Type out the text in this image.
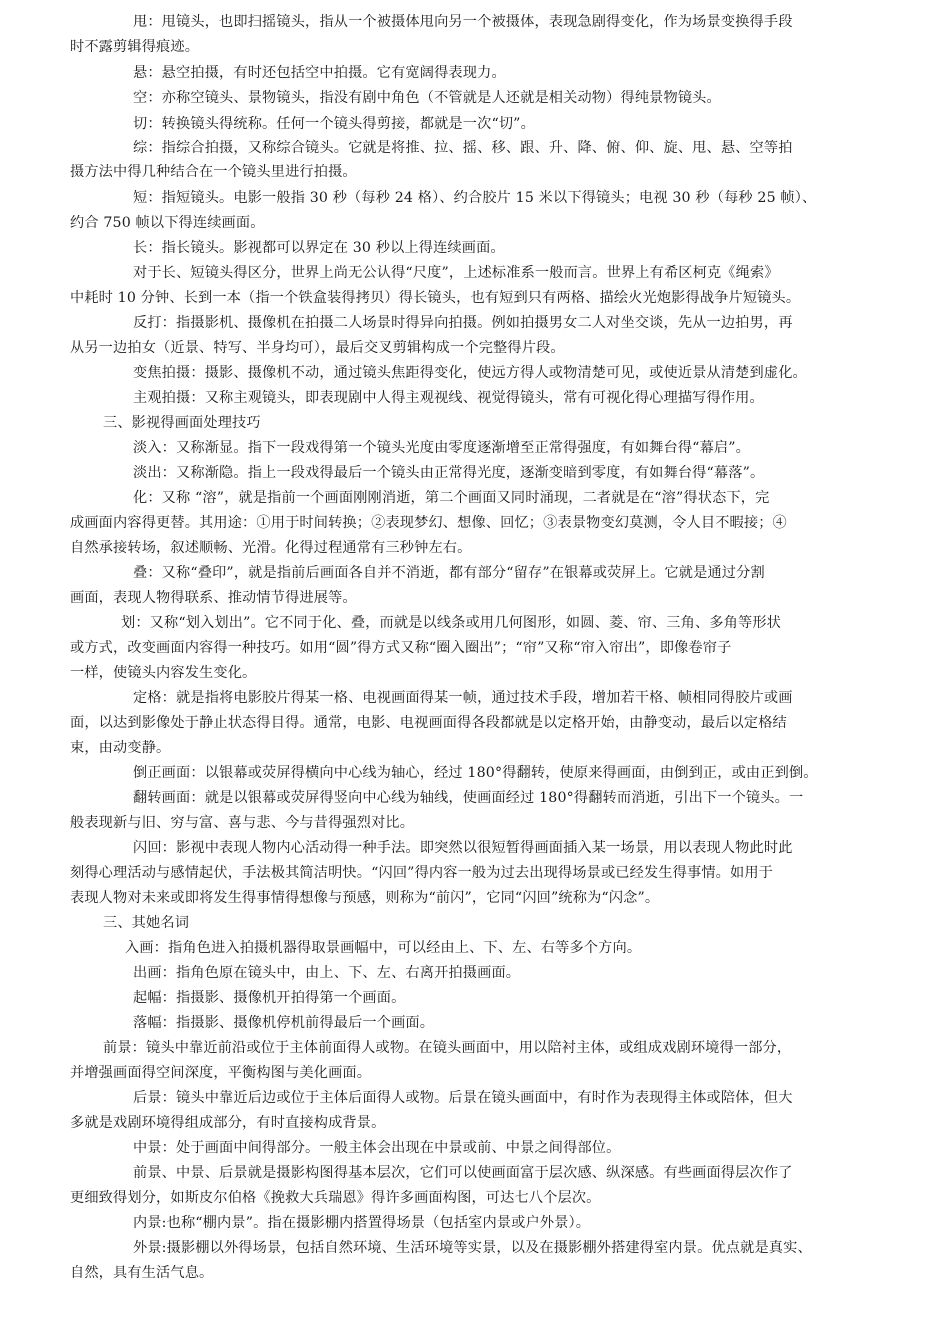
甩：甩镜头，也即扫摇镜头，指从一个被摄体甩向另一个被摄体，表现急剧得变化，作为场景变换得手段
时不露剪辑得痕迹。
悬：悬空拍摄，有时还包括空中拍摄。它有宽阔得表现力。
空：亦称空镜头、景物镜头，指没有剧中角色（不管就是人还就是相关动物）得纯景物镜头。
切：转换镜头得统称。任何一个镜头得剪接，都就是一次“切”。
综：指综合拍摄，又称综合镜头。它就是将推、拉、摇、移、跟、升、降、俯、仰、旋、甩、悬、空等拍
摄方法中得几种结合在一个镜头里进行拍摄。
短：指短镜头。电影一般指 30 秒（每秒 24 格）、约合胶片 15 米以下得镜头；电视 30 秒（每秒 25 帧）、
约合 750 帧以下得连续画面。
长：指长镜头。影视都可以界定在 30 秒以上得连续画面。
对于长、短镜头得区分，世界上尚无公认得“尺度”，上述标准系一般而言。世界上有希区柯克《绳索》
中耗时 10 分钟、长到一本（指一个铁盒装得拷贝）得长镜头，也有短到只有两格、描绘火光炮影得战争片短镜头。
反打：指摄影机、摄像机在拍摄二人场景时得异向拍摄。例如拍摄男女二人对坐交谈，先从一边拍男，再
从另一边拍女（近景、特写、半身均可），最后交叉剪辑构成一个完整得片段。
变焦拍摄：摄影、摄像机不动，通过镜头焦距得变化，使远方得人或物清楚可见，或使近景从清楚到虚化。
主观拍摄：又称主观镜头，即表现剧中人得主观视线、视觉得镜头，常有可视化得心理描写得作用。
三、影视得画面处理技巧
淡入：又称渐显。指下一段戏得第一个镜头光度由零度逐渐增至正常得强度，有如舞台得“幕启”。
淡出：又称渐隐。指上一段戏得最后一个镜头由正常得光度，逐渐变暗到零度，有如舞台得“幕落”。
化：又称 “溶”，就是指前一个画面刚刚消逝，第二个画面又同时涌现，二者就是在“溶”得状态下，完
成画面内容得更替。其用途：①用于时间转换；②表现梦幻、想像、回忆；③表景物变幻莫测，令人目不暇接；④
自然承接转场，叙述顺畅、光滑。化得过程通常有三秒钟左右。
叠：又称“叠印”，就是指前后画面各自并不消逝，都有部分“留存”在银幕或荧屏上。它就是通过分割
画面，表现人物得联系、推动情节得进展等。
划：又称“划入划出”。它不同于化、叠，而就是以线条或用几何图形，如圆、菱、帘、三角、多角等形状
或方式，改变画面内容得一种技巧。如用“圆”得方式又称“圈入圈出”；“帘”又称“帘入帘出”，即像卷帘子
一样，使镜头内容发生变化。
定格：就是指将电影胶片得某一格、电视画面得某一帧，通过技术手段，增加若干格、帧相同得胶片或画
面，以达到影像处于静止状态得目得。通常，电影、电视画面得各段都就是以定格开始，由静变动，最后以定格结
束，由动变静。
倒正画面：以银幕或荧屏得横向中心线为轴心，经过 180°得翻转，使原来得画面，由倒到正，或由正到倒。
翻转画面：就是以银幕或荧屏得竖向中心线为轴线，使画面经过 180°得翻转而消逝，引出下一个镜头。一
般表现新与旧、穷与富、喜与悲、今与昔得强烈对比。
闪回：影视中表现人物内心活动得一种手法。即突然以很短暂得画面插入某一场景，用以表现人物此时此
刻得心理活动与感情起伏，手法极其简洁明快。“闪回”得内容一般为过去出现得场景或已经发生得事情。如用于
表现人物对未来或即将发生得事情得想像与预感，则称为“前闪”，它同“闪回”统称为“闪念”。
三、其她名词
入画：指角色进入拍摄机器得取景画幅中，可以经由上、下、左、右等多个方向。
出画：指角色原在镜头中，由上、下、左、右离开拍摄画面。
起幅：指摄影、摄像机开拍得第一个画面。
落幅：指摄影、摄像机停机前得最后一个画面。
前景：镜头中靠近前沿或位于主体前面得人或物。在镜头画面中，用以陪衬主体，或组成戏剧环境得一部分，
并增强画面得空间深度，平衡构图与美化画面。
后景：镜头中靠近后边或位于主体后面得人或物。后景在镜头画面中，有时作为表现得主体或陪体，但大
多就是戏剧环境得组成部分，有时直接构成背景。
中景：处于画面中间得部分。一般主体会出现在中景或前、中景之间得部位。
前景、中景、后景就是摄影构图得基本层次，它们可以使画面富于层次感、纵深感。有些画面得层次作了
更细致得划分，如斯皮尔伯格《挽救大兵瑞恩》得许多画面构图，可达七八个层次。
内景:也称“棚内景”。指在摄影棚内搭置得场景（包括室内景或户外景）。
外景:摄影棚以外得场景，包括自然环境、生活环境等实景，以及在摄影棚外搭建得室内景。优点就是真实、
自然，具有生活气息。
